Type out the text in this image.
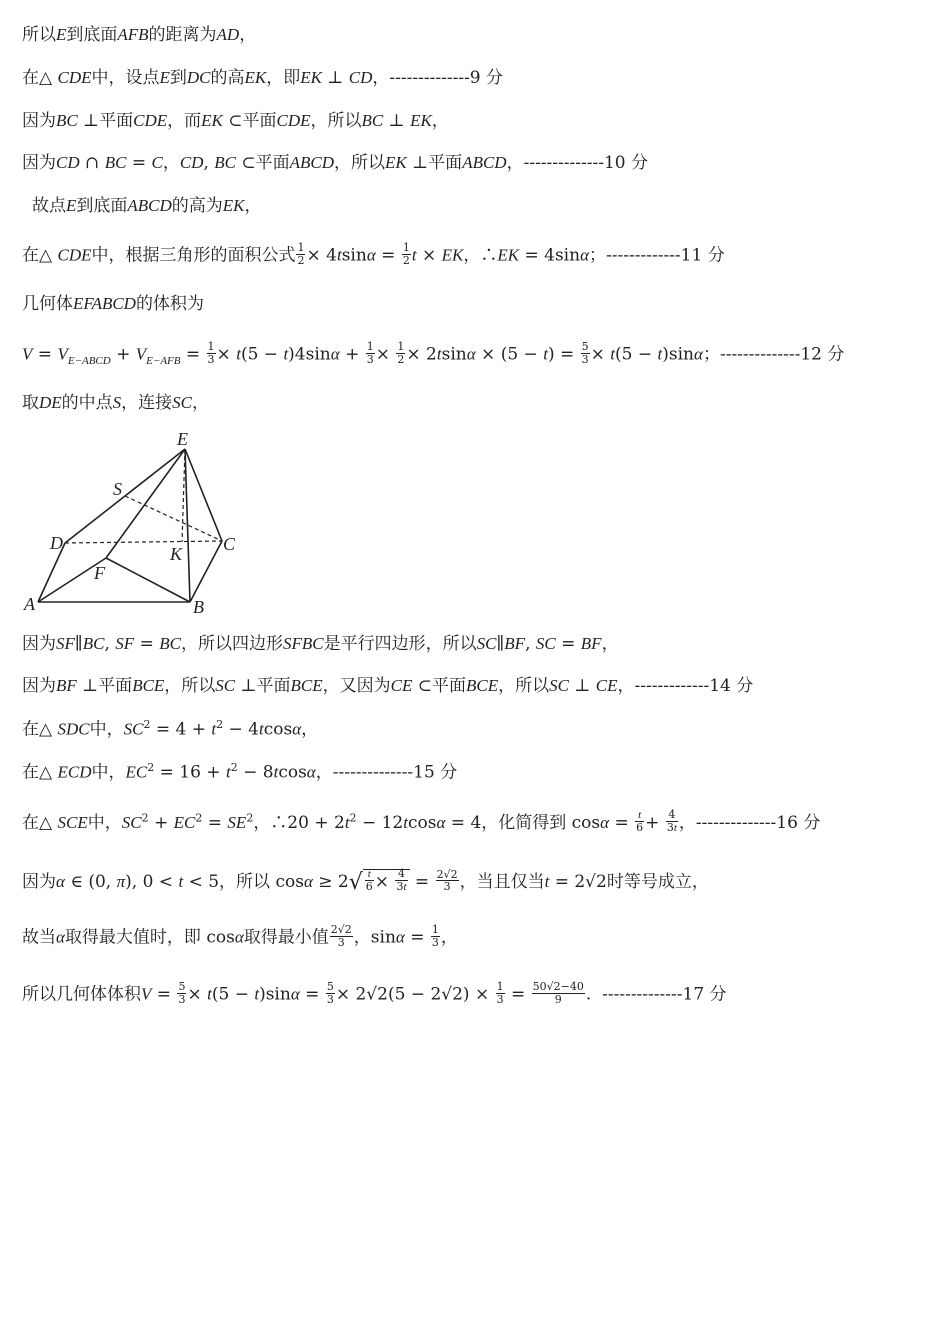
所以E到底面AFB的距离为AD，
在△ CDE中，设点E到DC的高EK，即EK ⊥ CD，--------------9 分
因为BC ⊥平面CDE，而EK ⊂平面CDE，所以BC ⊥ EK，
因为CD ∩ BC = C，CD, BC ⊂平面ABCD，所以EK ⊥平面ABCD，--------------10 分
故点E到底面ABCD的高为EK，
在△ CDE中，根据三角形的面积公式 $\frac{1}{2} \times 4tsin\alpha = \frac{1}{2}$ t × EK，∴EK = 4sinα；-------------11 分
几何体EFABCD的体积为
$V = V_{E-ABCD} + V_{E-AFB} = \frac{1}{3} \times t(5 - t)4\sin\alpha + \frac{1}{3} \times \frac{1}{2} \times 2tsin\alpha \times (5 - t) = \frac{5}{3} \times t(5 - t)\sin\alpha$；--------------12 分
取DE的中点S，连接SC，
E
S
D	C
K
F
A	B
因为SF∥BC, SF = BC，所以四边形SFBC是平行四边形，所以SC∥BF, SC = BF，
因为BF ⊥平面BCE，所以SC ⊥平面BCE，又因为CE ⊂平面BCE，所以SC ⊥ CE，-------------14 分
在△ SDC中，$SC^2 = 4 + t^2 - 4tcos\alpha$，
在△ ECD中，$EC^2 = 16 + t^2 - 8tcos\alpha$，--------------15 分
在△ SCE中，$SC^2 + EC^2 = SE^2$，∴20 + $2t^2 - 12tcos\alpha = 4$，化简得到 $\cos\alpha = \frac{t}{6} + \frac{4}{3t}$ ，--------------16 分
因为α ∈ (0, π), 0 < t < 5，所以 $\cos\alpha \ge 2√ \frac{t}{6} \times \frac{4}{3t} = \frac{2√2}{3}$ ，当且仅当t = 2√2时等号成立，
故当α取得最大值时，即 cosα取得最小值 $\frac{2√2}{3}$ ，$\sin\alpha = \frac{1}{3}$ ，
所以几何体体积$V = \frac{5}{3} \times t(5 - t)\sin\alpha = \frac{5}{3} \times 2√2(5 - 2√2) \times \frac{1}{3} = \frac{50√2-40}{9}$ .  --------------17 分
